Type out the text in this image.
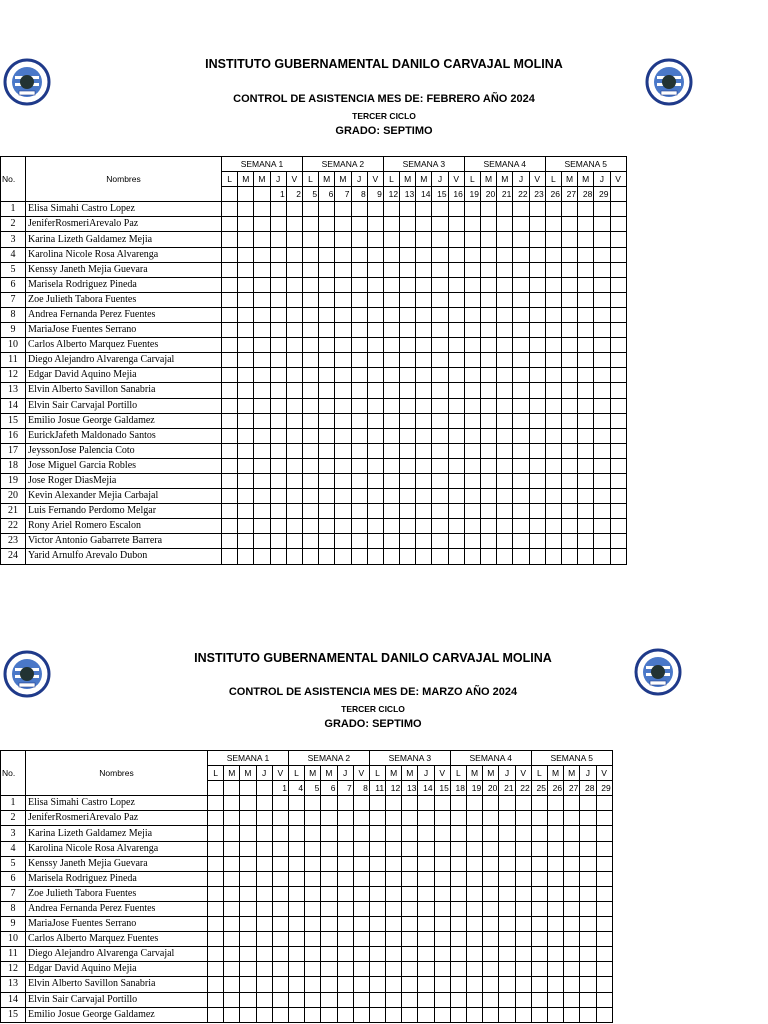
INSTITUTO GUBERNAMENTAL DANILO CARVAJAL MOLINA
CONTROL DE ASISTENCIA MES DE: FEBRERO AÑO 2024
TERCER CICLO
GRADO: SEPTIMO
No.	Nombres	SEMANA 1					SEMANA 2					SEMANA 3					SEMANA 4					SEMANA 5				
		L	M	M	J	V	L	M	M	J	V	L	M	M	J	V	L	M	M	J	V	L	M	M	J	V
					1	2	5	6	7	8	9	12	13	14	15	16	19	20	21	22	23	26	27	28	29	
1	Elisa Simahi Castro Lopez																									
2	JeniferRosmeriArevalo Paz																									
3	Karina Lizeth Galdamez Mejia																									
4	Karolina Nicole Rosa Alvarenga																									
5	Kenssy Janeth Mejia Guevara																									
6	Marisela Rodriguez Pineda																									
7	Zoe Julieth Tabora Fuentes																									
8	Andrea Fernanda Perez Fuentes																									
9	MariaJose Fuentes Serrano																									
10	Carlos Alberto Marquez Fuentes																									
11	Diego Alejandro Alvarenga Carvajal																									
12	Edgar David Aquino Mejia																									
13	Elvin Alberto Savillon Sanabria																									
14	Elvin Sair Carvajal Portillo																									
15	Emilio Josue George Galdamez																									
16	EurickJafeth Maldonado Santos																									
17	JeyssonJose Palencia Coto																									
18	Jose Miguel Garcia Robles																									
19	Jose Roger DiasMejia																									
20	Kevin Alexander Mejia Carbajal																									
21	Luis Fernando Perdomo Melgar																									
22	Rony Ariel Romero Escalon																									
23	Victor Antonio Gabarrete Barrera																									
24	Yarid Arnulfo Arevalo Dubon																									
INSTITUTO GUBERNAMENTAL DANILO CARVAJAL MOLINA
CONTROL DE ASISTENCIA MES DE: MARZO AÑO 2024
TERCER CICLO
GRADO: SEPTIMO
No.	Nombres	SEMANA 1					SEMANA 2					SEMANA 3					SEMANA 4					SEMANA 5				
		L	M	M	J	V	L	M	M	J	V	L	M	M	J	V	L	M	M	J	V	L	M	M	J	V
						1	4	5	6	7	8	11	12	13	14	15	18	19	20	21	22	25	26	27	28	29
1	Elisa Simahi Castro Lopez																									
2	JeniferRosmeriArevalo Paz																									
3	Karina Lizeth Galdamez Mejia																									
4	Karolina Nicole Rosa Alvarenga																									
5	Kenssy Janeth Mejia Guevara																									
6	Marisela Rodriguez Pineda																									
7	Zoe Julieth Tabora Fuentes																									
8	Andrea Fernanda Perez Fuentes																									
9	MariaJose Fuentes Serrano																									
10	Carlos Alberto Marquez Fuentes																									
11	Diego Alejandro Alvarenga Carvajal																									
12	Edgar David Aquino Mejia																									
13	Elvin Alberto Savillon Sanabria																									
14	Elvin Sair Carvajal Portillo																									
15	Emilio Josue George Galdamez																									
